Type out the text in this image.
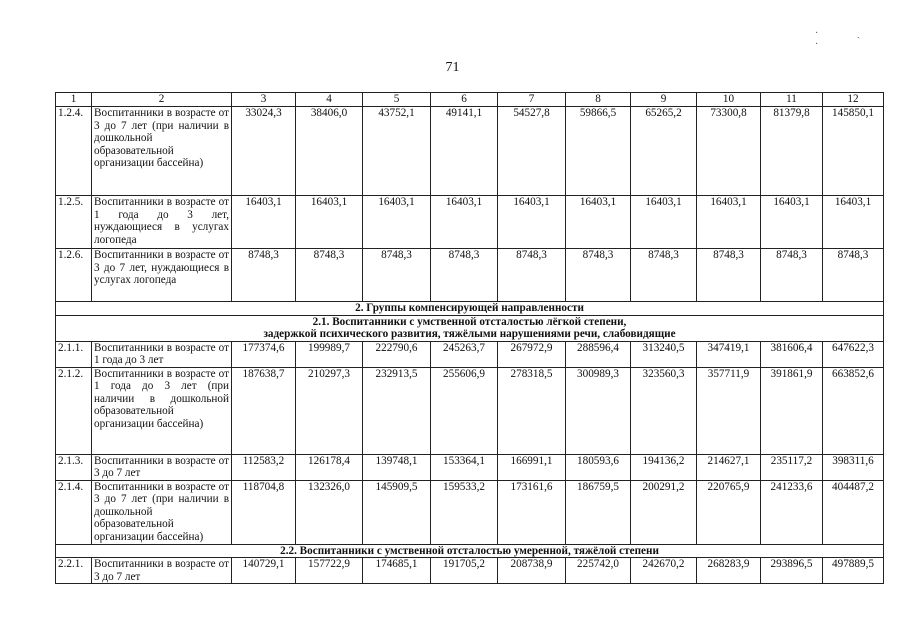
71
· ˏ ·
1	2	3	4	5	6	7	8	9	10	11	12
1.2.4.	Воспитанники в возрасте от 3 до 7 лет (при наличии в дошкольной образовательной организации бассейна)	33024,3	38406,0	43752,1	49141,1	54527,8	59866,5	65265,2	73300,8	81379,8	145850,1
1.2.5.	Воспитанники в возрасте от 1 года до 3 лет, нуждающиеся в услугах логопеда	16403,1	16403,1	16403,1	16403,1	16403,1	16403,1	16403,1	16403,1	16403,1	16403,1
1.2.6.	Воспитанники в возрасте от 3 до 7 лет, нуждающиеся в услугах логопеда	8748,3	8748,3	8748,3	8748,3	8748,3	8748,3	8748,3	8748,3	8748,3	8748,3
2. Группы компенсирующей направленности											

2.1. Воспитанники с умственной отсталостью лёгкой степени,
задержкой психического развития, тяжёлыми нарушениями речи, слабовидящие											

2.1.1.	Воспитанники в возрасте от 1 года до 3 лет	177374,6	199989,7	222790,6	245263,7	267972,9	288596,4	313240,5	347419,1	381606,4	647622,3
2.1.2.	Воспитанники в возрасте от 1 года до 3 лет (при наличии в дошкольной образовательной организации бассейна)	187638,7	210297,3	232913,5	255606,9	278318,5	300989,3	323560,3	357711,9	391861,9	663852,6
2.1.3.	Воспитанники в возрасте от 3 до 7 лет	112583,2	126178,4	139748,1	153364,1	166991,1	180593,6	194136,2	214627,1	235117,2	398311,6
2.1.4.	Воспитанники в возрасте от 3 до 7 лет (при наличии в дошкольной образовательной организации бассейна)	118704,8	132326,0	145909,5	159533,2	173161,6	186759,5	200291,2	220765,9	241233,6	404487,2
2.2. Воспитанники с умственной отсталостью умеренной, тяжёлой степени											
2.2.1.	Воспитанники в возрасте от 3 до 7 лет	140729,1	157722,9	174685,1	191705,2	208738,9	225742,0	242670,2	268283,9	293896,5	497889,5
